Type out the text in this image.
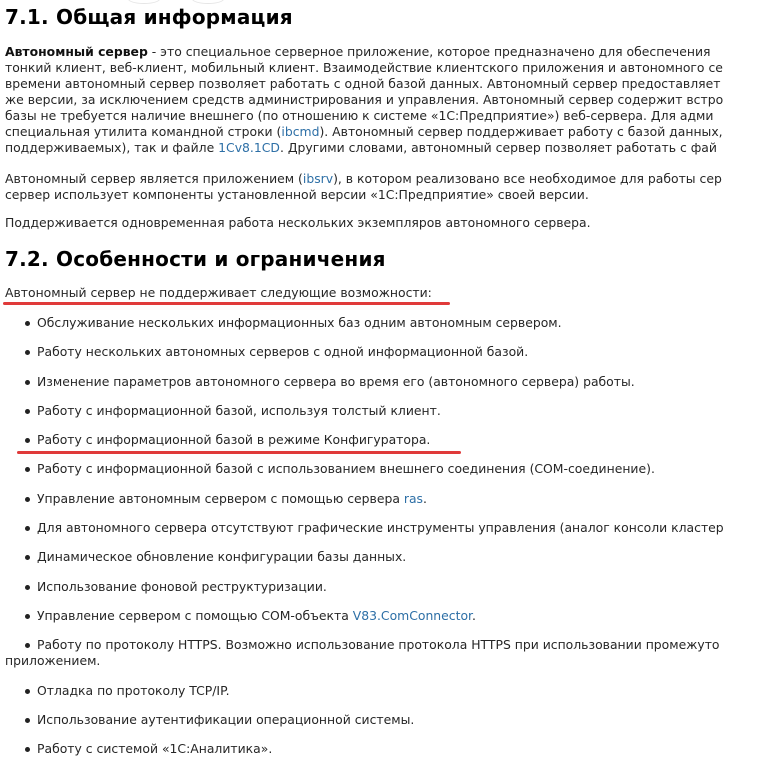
7.1. Общая информация
Автономный сервер - это специальное серверное приложение, которое предназначено для обеспечения
тонкий клиент, веб-клиент, мобильный клиент. Взаимодействие клиентского приложения и автономного се
времени автономный сервер позволяет работать с одной базой данных. Автономный сервер предоставляет
же версии, за исключением средств администрирования и управления. Автономный сервер содержит встро
базы не требуется наличие внешнего (по отношению к системе «1С:Предприятие») веб-сервера. Для адми
специальная утилита командной строки (ibcmd). Автономный сервер поддерживает работу с базой данных,
поддерживаемых), так и файле 1Cv8.1CD. Другими словами, автономный сервер позволяет работать с фай
Автономный сервер является приложением (ibsrv), в котором реализовано все необходимое для работы сер
сервер использует компоненты установленной версии «1С:Предприятие» своей версии.
Поддерживается одновременная работа нескольких экземпляров автономного сервера.
7.2. Особенности и ограничения
Автономный сервер не поддерживает следующие возможности:
Обслуживание нескольких информационных баз одним автономным сервером.
Работу нескольких автономных серверов с одной информационной базой.
Изменение параметров автономного сервера во время его (автономного сервера) работы.
Работу с информационной базой, используя толстый клиент.
Работу с информационной базой в режиме Конфигуратора.
Работу с информационной базой с использованием внешнего соединения (COM-соединение).
Управление автономным сервером с помощью сервера ras.
Для автономного сервера отсутствуют графические инструменты управления (аналог консоли кластер
Динамическое обновление конфигурации базы данных.
Использование фоновой реструктуризации.
Управление сервером с помощью COM-объекта V83.ComConnector.
Работу по протоколу HTTPS. Возможно использование протокола HTTPS при использовании промежуто
приложением.
Отладка по протоколу TCP/IP.
Использование аутентификации операционной системы.
Работу с системой «1С:Аналитика».
